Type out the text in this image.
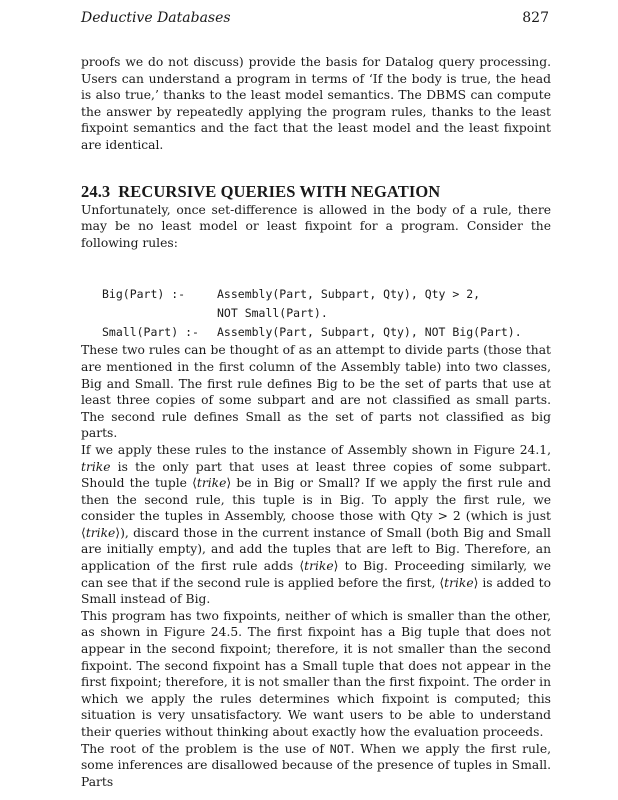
Deductive Databases	827

proofs we do not discuss) provide the basis for Datalog query processing. Users can understand a program in terms of ‘If the body is true, the head is also true,’ thanks to the least model semantics. The DBMS can compute the answer by repeatedly applying the program rules, thanks to the least fixpoint semantics and the fact that the least model and the least fixpoint are identical.

24.3 RECURSIVE QUERIES WITH NEGATION

Unfortunately, once set-difference is allowed in the body of a rule, there may be no least model or least fixpoint for a program. Consider the following rules:

Big(Part) :-	Assembly(Part, Subpart, Qty), Qty > 2,
NOT Small(Part).
Small(Part) :-	Assembly(Part, Subpart, Qty), NOT Big(Part).

These two rules can be thought of as an attempt to divide parts (those that are mentioned in the first column of the Assembly table) into two classes, Big and Small. The first rule defines Big to be the set of parts that use at least three copies of some subpart and are not classified as small parts. The second rule defines Small as the set of parts not classified as big parts.

If we apply these rules to the instance of Assembly shown in Figure 24.1, trike is the only part that uses at least three copies of some subpart. Should the tuple ⟨trike⟩ be in Big or Small? If we apply the first rule and then the second rule, this tuple is in Big. To apply the first rule, we consider the tuples in Assembly, choose those with Qty > 2 (which is just ⟨trike⟩), discard those in the current instance of Small (both Big and Small are initially empty), and add the tuples that are left to Big. Therefore, an application of the first rule adds ⟨trike⟩ to Big. Proceeding similarly, we can see that if the second rule is applied before the first, ⟨trike⟩ is added to Small instead of Big.

This program has two fixpoints, neither of which is smaller than the other, as shown in Figure 24.5. The first fixpoint has a Big tuple that does not appear in the second fixpoint; therefore, it is not smaller than the second fixpoint. The second fixpoint has a Small tuple that does not appear in the first fixpoint; therefore, it is not smaller than the first fixpoint. The order in which we apply the rules determines which fixpoint is computed; this situation is very unsatisfactory. We want users to be able to understand their queries without thinking about exactly how the evaluation proceeds.

The root of the problem is the use of NOT. When we apply the first rule, some inferences are disallowed because of the presence of tuples in Small. Parts
